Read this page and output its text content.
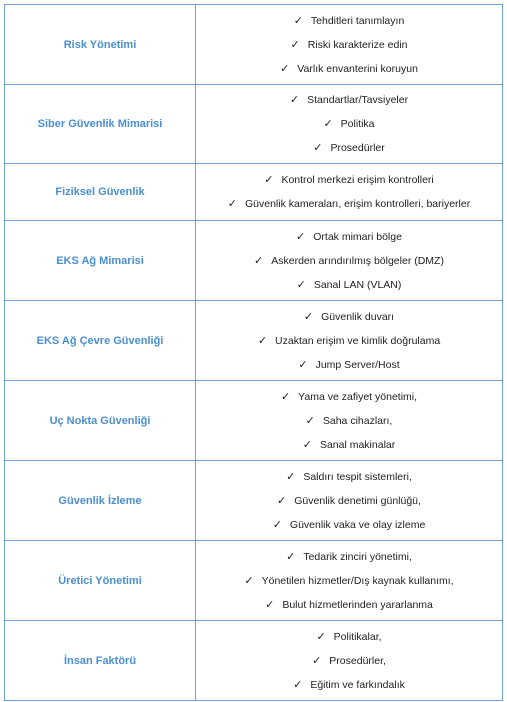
Risk Yönetimi	✓ Tehditleri tanımlayın
✓ Riski karakterize edin
✓ Varlık envanterini koruyun

Siber Güvenlik Mimarisi	✓ Standartlar/Tavsiyeler
✓ Politika
✓ Prosedürler

Fiziksel Güvenlik	✓ Kontrol merkezi erişim kontrolleri
✓ Güvenlik kameraları, erişim kontrolleri, bariyerler

EKS Ağ Mimarisi	✓ Ortak mimari bölge
✓ Askerden arındırılmış bölgeler (DMZ)
✓ Sanal LAN (VLAN)

EKS Ağ Çevre Güvenliği	✓ Güvenlik duvarı
✓ Uzaktan erişim ve kimlik doğrulama
✓ Jump Server/Host

Uç Nokta Güvenliği	✓ Yama ve zafiyet yönetimi,
✓ Saha cihazları,
✓ Sanal makinalar

Güvenlik İzleme	✓ Saldırı tespit sistemleri,
✓ Güvenlik denetimi günlüğü,
✓ Güvenlik vaka ve olay izleme

Üretici Yönetimi	✓ Tedarik zinciri yönetimi,
✓ Yönetilen hizmetler/Dış kaynak kullanımı,
✓ Bulut hizmetlerinden yararlanma

İnsan Faktörü	✓ Politikalar,
✓ Prosedürler,
✓ Eğitim ve farkındalık
